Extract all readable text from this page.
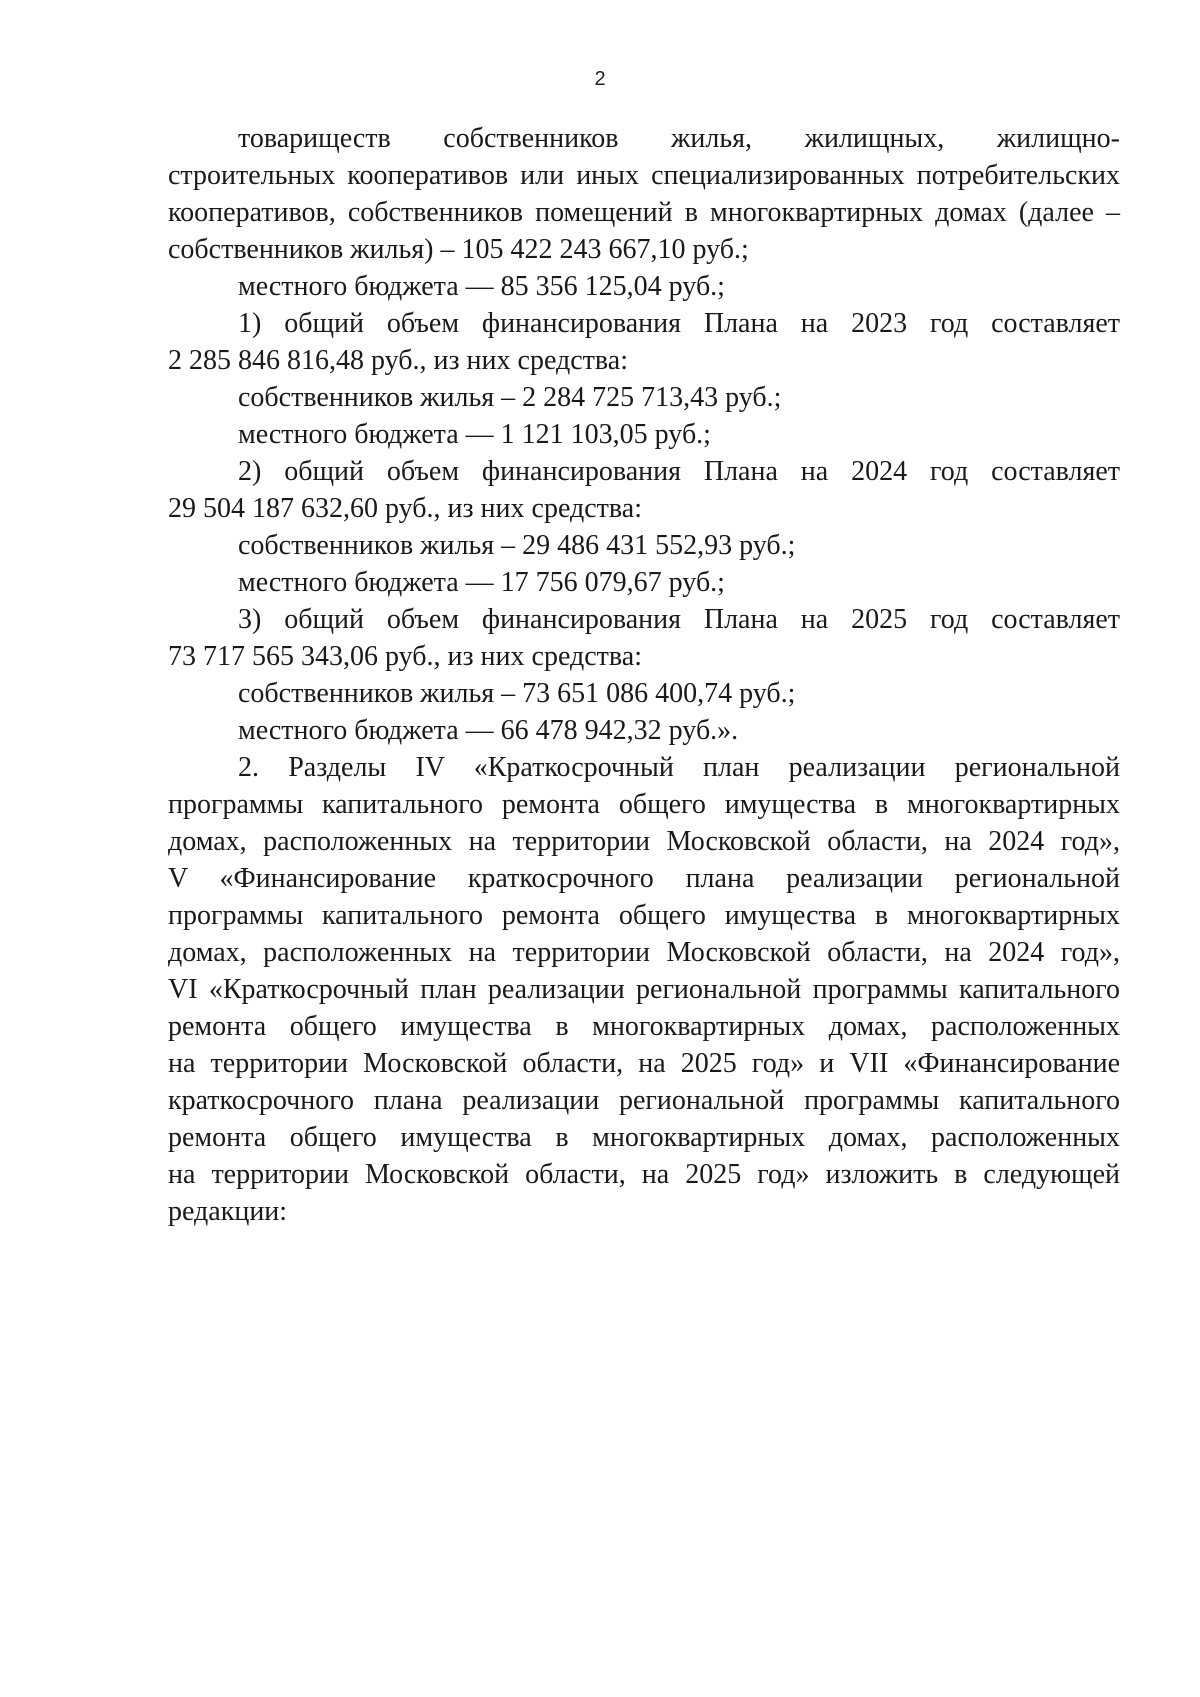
2
товариществ собственников жилья, жилищных, жилищно-
строительных кооперативов или иных специализированных потребительских
кооперативов, собственников помещений в многоквартирных домах (далее –
собственников жилья) – 105 422 243 667,10 руб.;
местного бюджета — 85 356 125,04 руб.;
1) общий объем финансирования Плана на 2023 год составляет
2 285 846 816,48 руб., из них средства:
собственников жилья – 2 284 725 713,43 руб.;
местного бюджета — 1 121 103,05 руб.;
2) общий объем финансирования Плана на 2024 год составляет
29 504 187 632,60 руб., из них средства:
собственников жилья – 29 486 431 552,93 руб.;
местного бюджета — 17 756 079,67 руб.;
3) общий объем финансирования Плана на 2025 год составляет
73 717 565 343,06 руб., из них средства:
собственников жилья – 73 651 086 400,74 руб.;
местного бюджета — 66 478 942,32 руб.».
2. Разделы IV «Краткосрочный план реализации региональной
программы капитального ремонта общего имущества в многоквартирных
домах, расположенных на территории Московской области, на 2024 год»,
V «Финансирование краткосрочного плана реализации региональной
программы капитального ремонта общего имущества в многоквартирных
домах, расположенных на территории Московской области, на 2024 год»,
VI «Краткосрочный план реализации региональной программы капитального
ремонта общего имущества в многоквартирных домах, расположенных
на территории Московской области, на 2025 год» и VII «Финансирование
краткосрочного плана реализации региональной программы капитального
ремонта общего имущества в многоквартирных домах, расположенных
на территории Московской области, на 2025 год» изложить в следующей
редакции:
